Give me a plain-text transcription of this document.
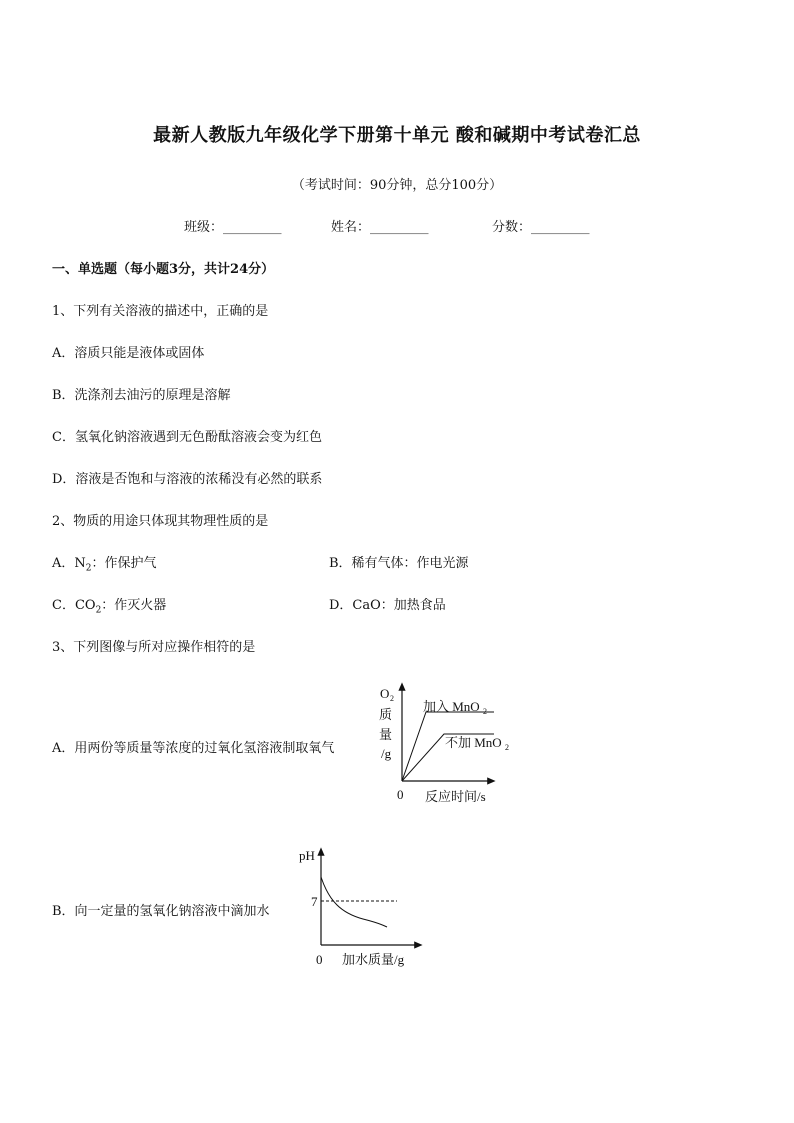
最新人教版九年级化学下册第十单元 酸和碱期中考试卷汇总
（考试时间：90分钟，总分100分）
班级：_________	姓名：_________	分数：_________
一、单选题（每小题3分，共计24分）
1、下列有关溶液的描述中，正确的是
A．溶质只能是液体或固体
B．洗涤剂去油污的原理是溶解
C．氢氧化钠溶液遇到无色酚酞溶液会变为红色
D．溶液是否饱和与溶液的浓稀没有必然的联系
2、物质的用途只体现其物理性质的是
A．$N_2$：作保护气	B．稀有气体：作电光源
C．$CO_2$：作灭火器	D．CaO：加热食品
3、下列图像与所对应操作相符的是
A．用两份等质量等浓度的过氧化氢溶液制取氧气
O 2
质
量
/g
0 反应时间/s
加入 MnO 2
不加 MnO 2
B．向一定量的氢氧化钠溶液中滴加水
pH
7
0 加水质量/g
